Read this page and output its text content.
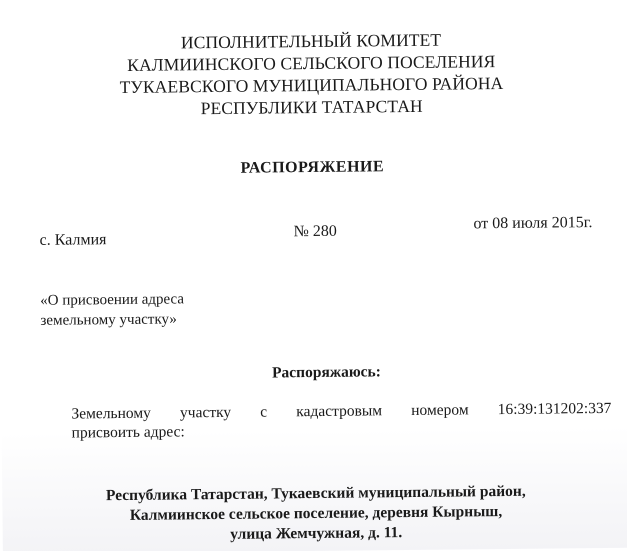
ИСПОЛНИТЕЛЬНЫЙ КОМИТЕТ
КАЛМИИНСКОГО СЕЛЬСКОГО ПОСЕЛЕНИЯ
ТУКАЕВСКОГО МУНИЦИПАЛЬНОГО РАЙОНА
РЕСПУБЛИКИ ТАТАРСТАН
РАСПОРЯЖЕНИЕ
с. Калмия	№ 280	от 08 июля 2015г.
«О присвоении адреса
земельному участку»
Распоряжаюсь:
Земельному участку с кадастровым номером 16:39:131202:337
присвоить адрес:
Республика Татарстан, Тукаевский муниципальный район,
Калмиинское сельское поселение, деревня Кырныш,
улица Жемчужная, д. 11.
